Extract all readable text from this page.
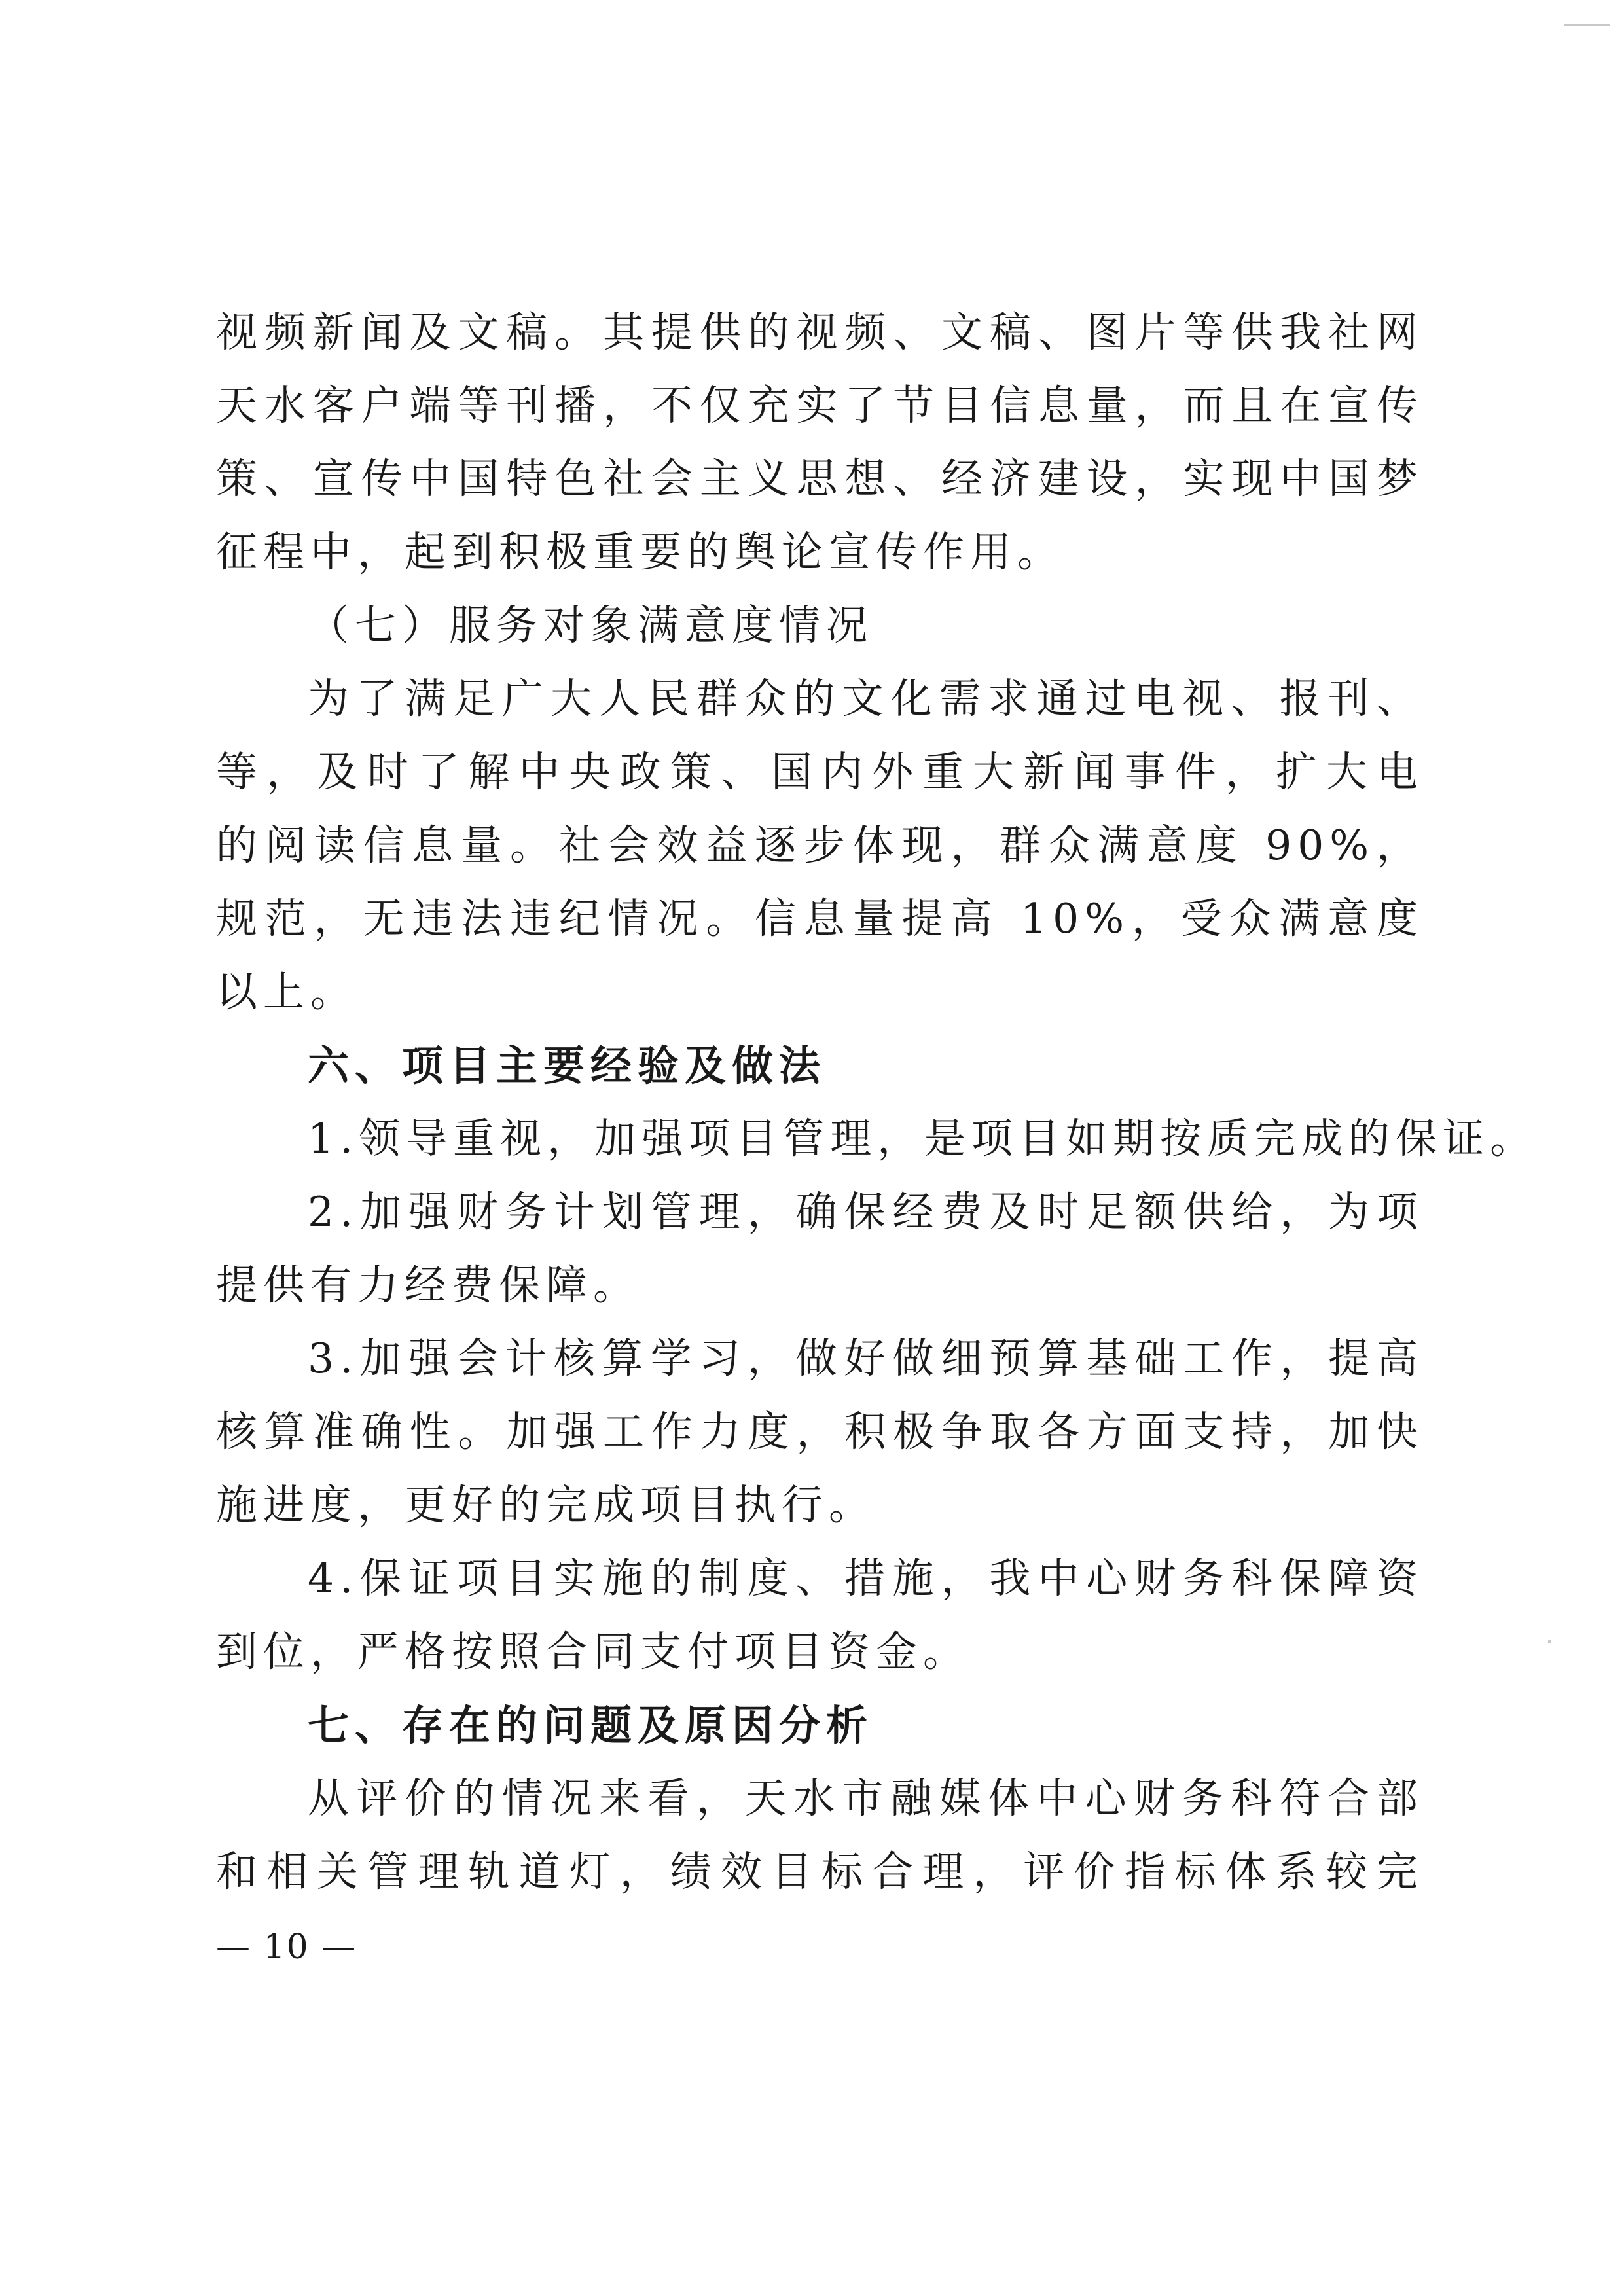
视频新闻及文稿。其提供的视频、文稿、图片等供我社网
天水客户端等刊播，不仅充实了节目信息量，而且在宣传
策、宣传中国特色社会主义思想、经济建设，实现中国梦
征程中，起到积极重要的舆论宣传作用。
（七）服务对象满意度情况
为了满足广大人民群众的文化需求通过电视、报刊、
等，及时了解中央政策、国内外重大新闻事件，扩大电
的阅读信息量。社会效益逐步体现，群众满意度 90%，
规范，无违法违纪情况。信息量提高 10%，受众满意度
以上。
六、项目主要经验及做法
1.领导重视，加强项目管理，是项目如期按质完成的保证。
2.加强财务计划管理，确保经费及时足额供给，为项
提供有力经费保障。
3.加强会计核算学习，做好做细预算基础工作，提高
核算准确性。加强工作力度，积极争取各方面支持，加快
施进度，更好的完成项目执行。
4.保证项目实施的制度、措施，我中心财务科保障资
到位，严格按照合同支付项目资金。
七、存在的问题及原因分析
从评价的情况来看，天水市融媒体中心财务科符合部
和相关管理轨道灯，绩效目标合理，评价指标体系较完
— 10 —
